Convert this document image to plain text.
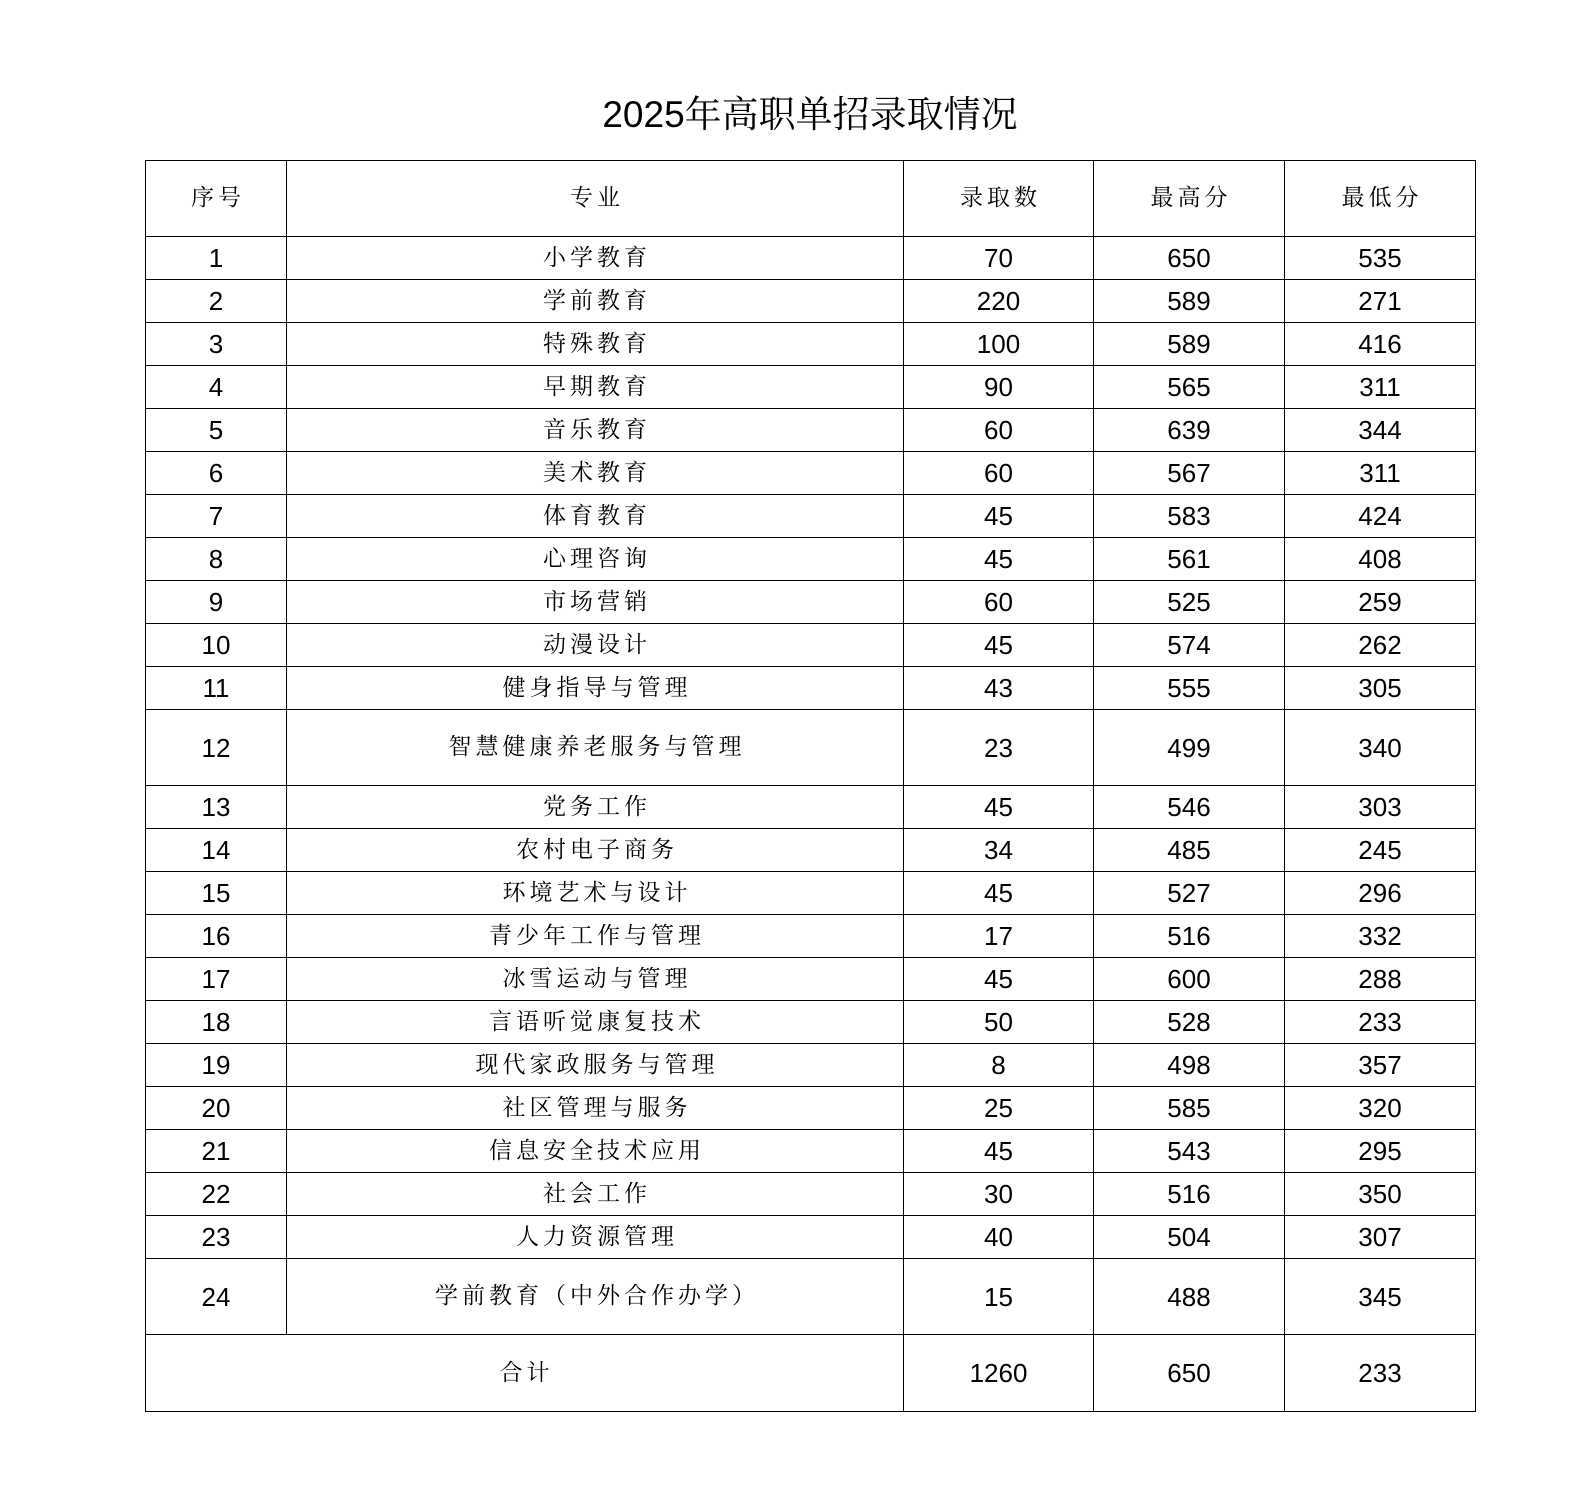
2025年高职单招录取情况
序号	专业	录取数	最高分	最低分
1	小学教育	70	650	535
2	学前教育	220	589	271
3	特殊教育	100	589	416
4	早期教育	90	565	311
5	音乐教育	60	639	344
6	美术教育	60	567	311
7	体育教育	45	583	424
8	心理咨询	45	561	408
9	市场营销	60	525	259
10	动漫设计	45	574	262
11	健身指导与管理	43	555	305
12	智慧健康养老服务与管理	23	499	340
13	党务工作	45	546	303
14	农村电子商务	34	485	245
15	环境艺术与设计	45	527	296
16	青少年工作与管理	17	516	332
17	冰雪运动与管理	45	600	288
18	言语听觉康复技术	50	528	233
19	现代家政服务与管理	8	498	357
20	社区管理与服务	25	585	320
21	信息安全技术应用	45	543	295
22	社会工作	30	516	350
23	人力资源管理	40	504	307
24	学前教育（中外合作办学）	15	488	345
合计		1260	650	233
